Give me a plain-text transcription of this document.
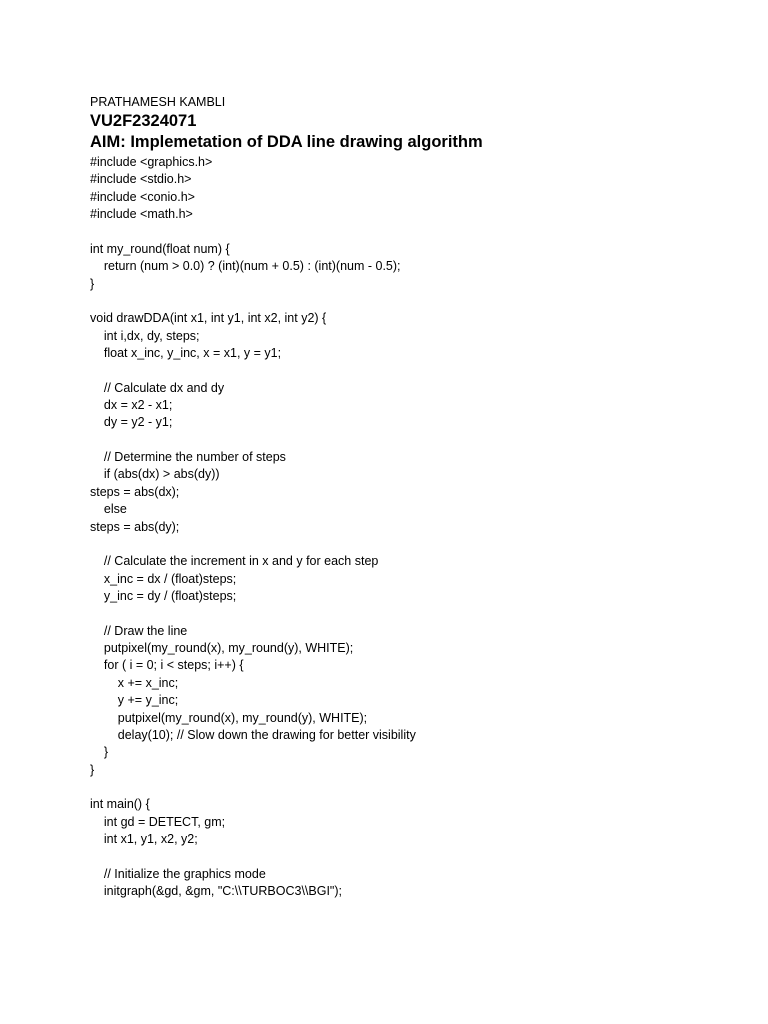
PRATHAMESH KAMBLI
VU2F2324071
AIM: Implemetation of DDA line drawing algorithm
#include <graphics.h>
#include <stdio.h>
#include <conio.h>
#include <math.h>
int my_round(float num) {
return (num > 0.0) ? (int)(num + 0.5) : (int)(num - 0.5);
}
void drawDDA(int x1, int y1, int x2, int y2) {
int i,dx, dy, steps;
float x_inc, y_inc, x = x1, y = y1;
// Calculate dx and dy
dx = x2 - x1;
dy = y2 - y1;
// Determine the number of steps
if (abs(dx) > abs(dy))
steps = abs(dx);
else
steps = abs(dy);
// Calculate the increment in x and y for each step
x_inc = dx / (float)steps;
y_inc = dy / (float)steps;
// Draw the line
putpixel(my_round(x), my_round(y), WHITE);
for ( i = 0; i < steps; i++) {
x += x_inc;
y += y_inc;
putpixel(my_round(x), my_round(y), WHITE);
delay(10); // Slow down the drawing for better visibility
}
}
int main() {
int gd = DETECT, gm;
int x1, y1, x2, y2;
// Initialize the graphics mode
initgraph(&gd, &gm, "C:\\TURBOC3\\BGI");
